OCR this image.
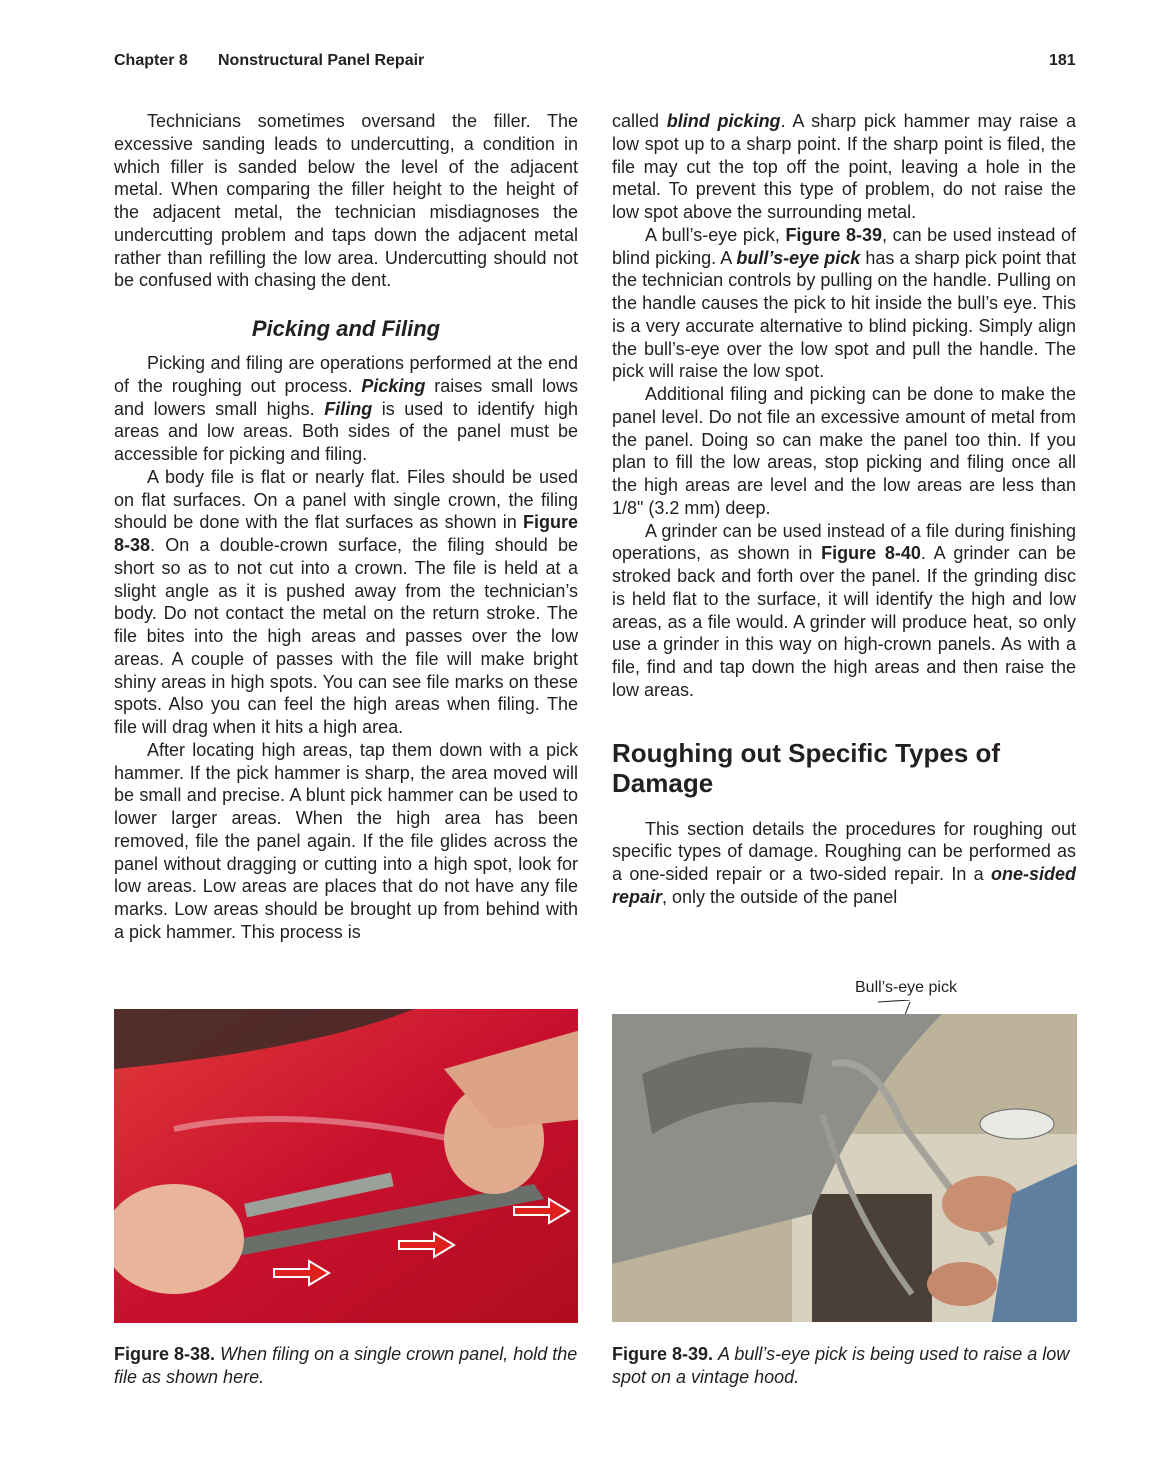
Chapter 8 Nonstructural Panel Repair	181

Technicians sometimes oversand the filler. The excessive sanding leads to undercutting, a condition in which filler is sanded below the level of the adjacent metal. When comparing the filler height to the height of the adjacent metal, the technician misdiagnoses the undercutting problem and taps down the adjacent metal rather than refilling the low area. Undercutting should not be confused with chasing the dent.

Picking and Filing

Picking and filing are operations performed at the end of the roughing out process. Picking raises small lows and lowers small highs. Filing is used to identify high areas and low areas. Both sides of the panel must be accessible for picking and filing.

A body file is flat or nearly flat. Files should be used on flat surfaces. On a panel with single crown, the filing should be done with the flat surfaces as shown in Figure 8-38. On a double-crown surface, the filing should be short so as to not cut into a crown. The file is held at a slight angle as it is pushed away from the technician’s body. Do not contact the metal on the return stroke. The file bites into the high areas and passes over the low areas. A couple of passes with the file will make bright shiny areas in high spots. You can see file marks on these spots. Also you can feel the high areas when filing. The file will drag when it hits a high area.

After locating high areas, tap them down with a pick hammer. If the pick hammer is sharp, the area moved will be small and precise. A blunt pick hammer can be used to lower larger areas. When the high area has been removed, file the panel again. If the file glides across the panel without dragging or cutting into a high spot, look for low areas. Low areas are places that do not have any file marks. Low areas should be brought up from behind with a pick hammer. This process is

called blind picking. A sharp pick hammer may raise a low spot up to a sharp point. If the sharp point is filed, the file may cut the top off the point, leaving a hole in the metal. To prevent this type of problem, do not raise the low spot above the surrounding metal.

A bull’s-eye pick, Figure 8-39, can be used instead of blind picking. A bull’s-eye pick has a sharp pick point that the technician controls by pulling on the handle. Pulling on the handle causes the pick to hit inside the bull’s eye. This is a very accurate alternative to blind picking. Simply align the bull’s-eye over the low spot and pull the handle. The pick will raise the low spot.

Additional filing and picking can be done to make the panel level. Do not file an excessive amount of metal from the panel. Doing so can make the panel too thin. If you plan to fill the low areas, stop picking and filing once all the high areas are level and the low areas are less than 1/8" (3.2 mm) deep.

A grinder can be used instead of a file during finishing operations, as shown in Figure 8-40. A grinder can be stroked back and forth over the panel. If the grinding disc is held flat to the surface, it will identify the high and low areas, as a file would. A grinder will produce heat, so only use a grinder in this way on high-crown panels. As with a file, find and tap down the high areas and then raise the low areas.

Roughing out Specific Types of Damage

This section details the procedures for roughing out specific types of damage. Roughing can be performed as a one-sided repair or a two-sided repair. In a one-sided repair, only the outside of the panel

Bull’s-eye pick
Figure 8-38. When filing on a single crown panel, hold the file as shown here.
Figure 8-39. A bull’s-eye pick is being used to raise a low spot on a vintage hood.
